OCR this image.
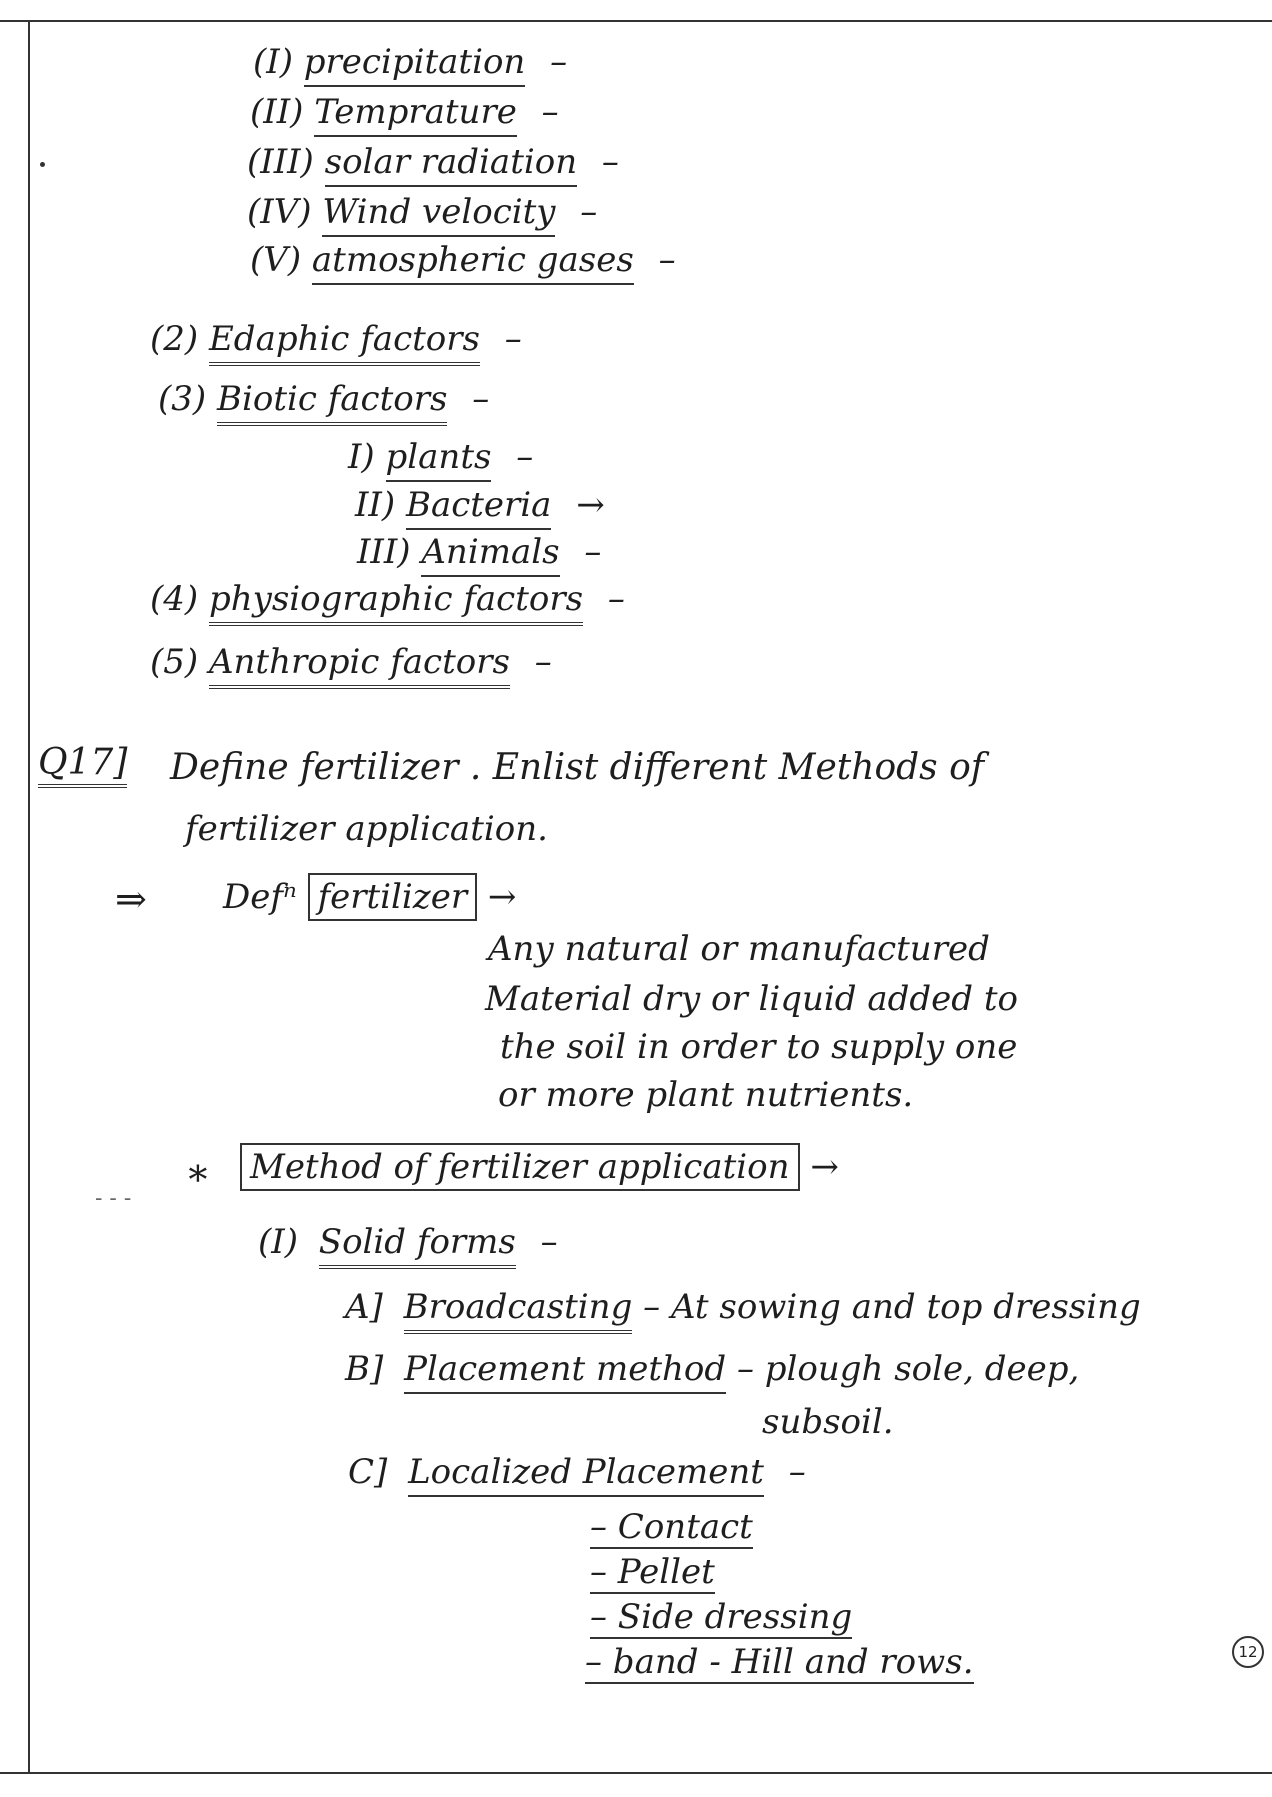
(I) precipitation –
(II) Temprature –
(III) solar radiation –
(IV) Wind velocity –
(V) atmospheric gases –
(2) Edaphic factors –
(3) Biotic factors –
I) plants –
II) Bacteria →
III) Animals –
(4) physiographic factors –
(5) Anthropic factors –
Q17] Define fertilizer . Enlist different Methods of
fertilizer application.
⇒ Defⁿ fertilizer →
Any natural or manufactured
Material dry or liquid added to
the soil in order to supply one
or more plant nutrients.
- - -
∗ Method of fertilizer application →
(I) Solid forms –
A] Broadcasting – At sowing and top dressing
B] Placement method – plough sole, deep,
subsoil.
C] Localized Placement –
– Contact
– Pellet
– Side dressing
– band - Hill and rows.	12
